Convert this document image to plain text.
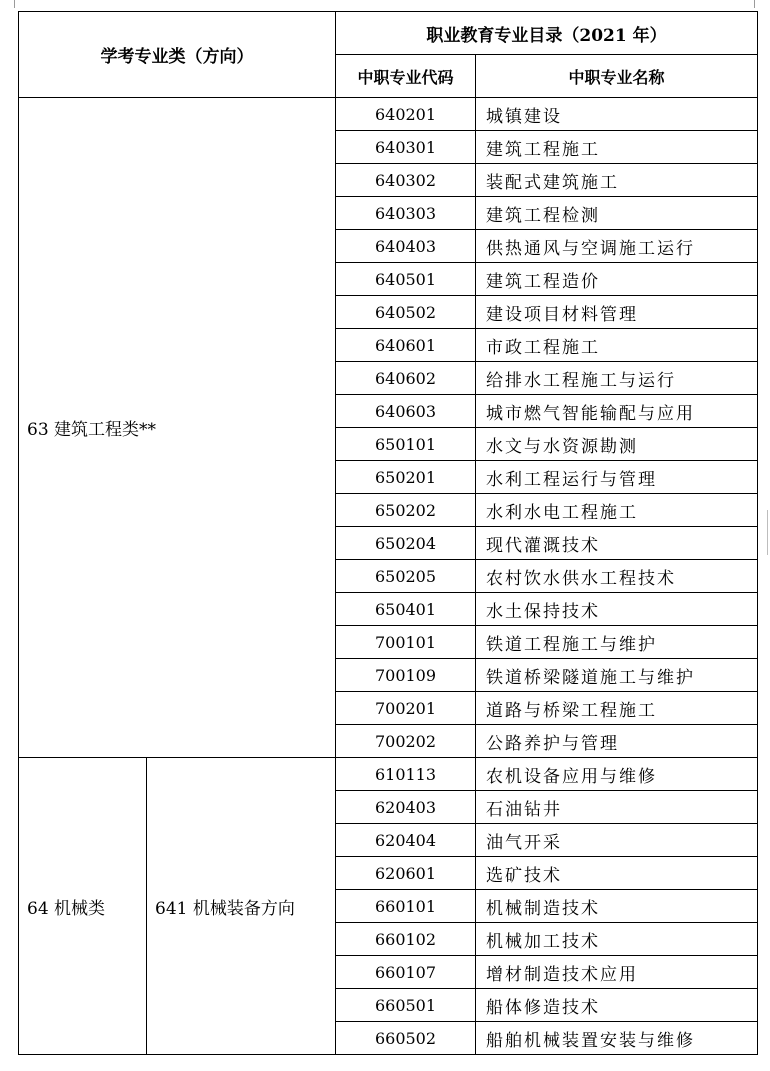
学考专业类（方向）		职业教育专业目录（2021 年）	
		中职专业代码	中职专业名称
63 建筑工程类**		640201	城镇建设
		640301	建筑工程施工
		640302	装配式建筑施工
		640303	建筑工程检测
		640403	供热通风与空调施工运行
		640501	建筑工程造价
		640502	建设项目材料管理
		640601	市政工程施工
		640602	给排水工程施工与运行
		640603	城市燃气智能输配与应用
		650101	水文与水资源勘测
		650201	水利工程运行与管理
		650202	水利水电工程施工
		650204	现代灌溉技术
		650205	农村饮水供水工程技术
		650401	水土保持技术
		700101	铁道工程施工与维护
		700109	铁道桥梁隧道施工与维护
		700201	道路与桥梁工程施工
		700202	公路养护与管理
64 机械类	641 机械装备方向	610113	农机设备应用与维修
		620403	石油钻井
		620404	油气开采
		620601	选矿技术
		660101	机械制造技术
		660102	机械加工技术
		660107	增材制造技术应用
		660501	船体修造技术
		660502	船舶机械装置安装与维修
